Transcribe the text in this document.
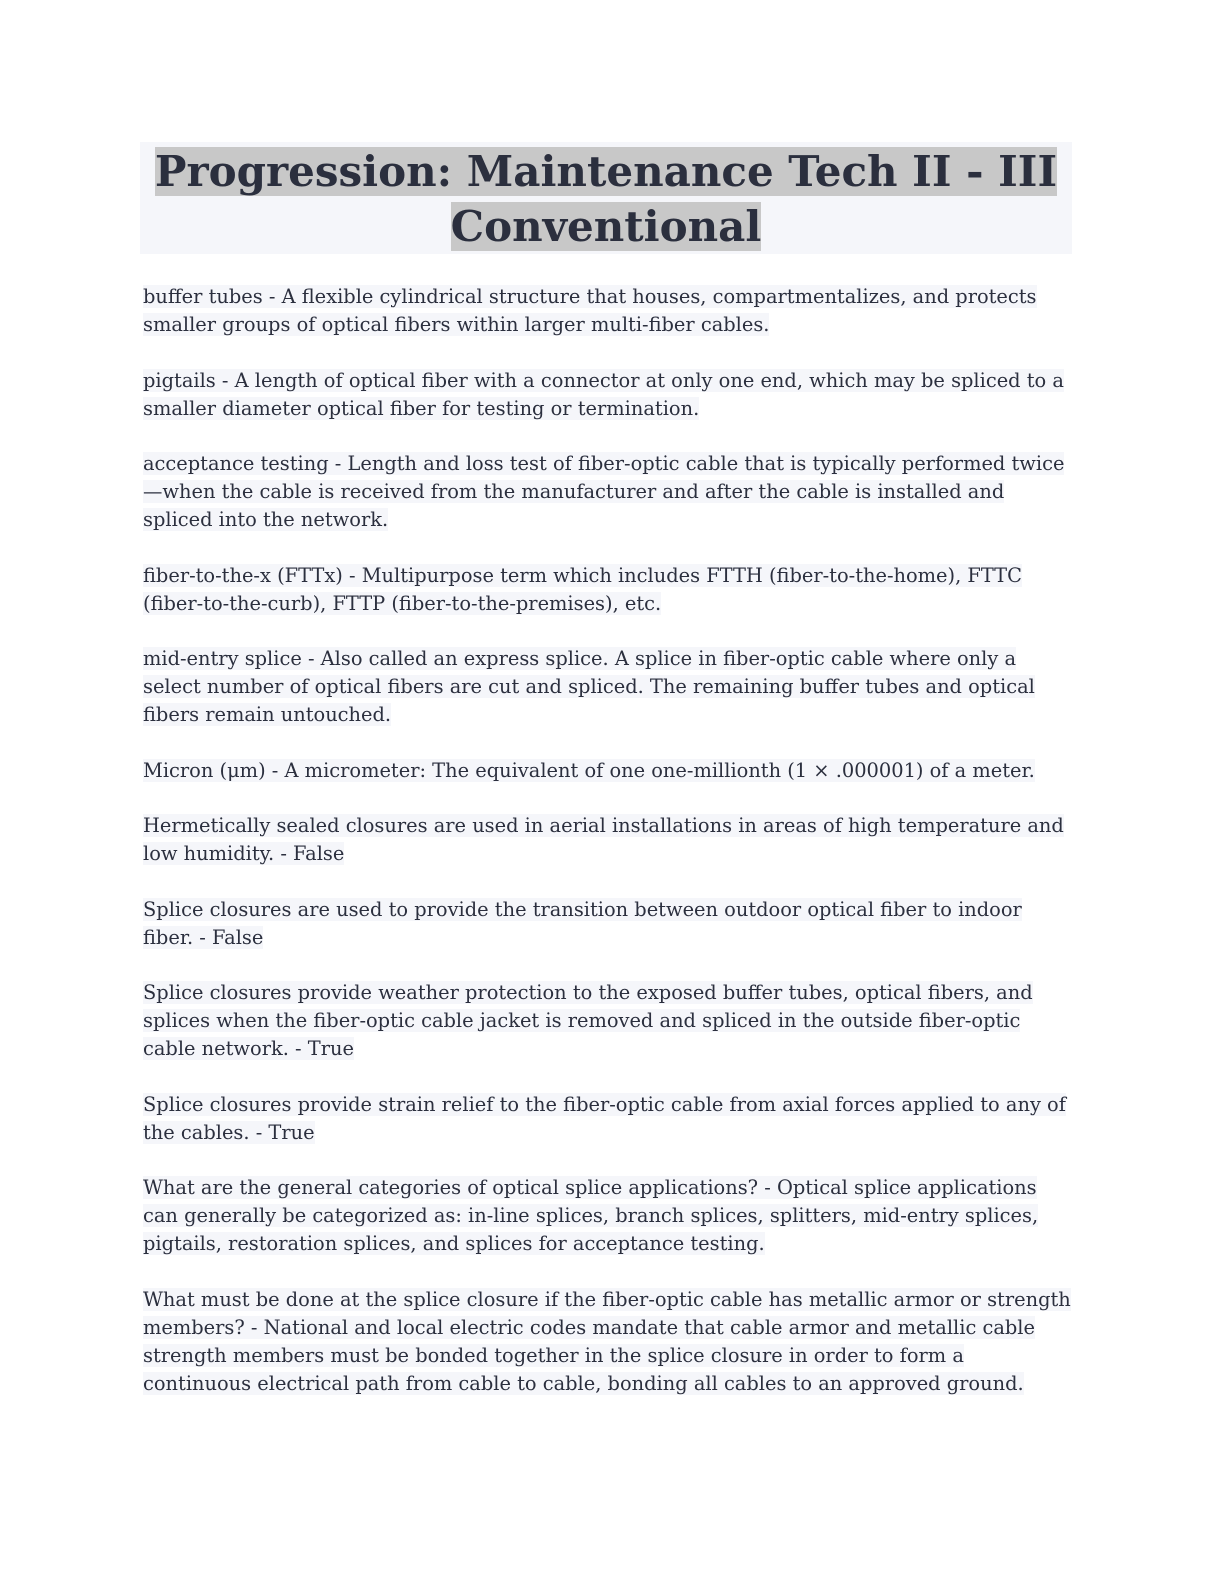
Progression: Maintenance Tech II - III Conventional

buffer tubes - A flexible cylindrical structure that houses, compartmentalizes, and protects smaller groups of optical fibers within larger multi-fiber cables.

pigtails - A length of optical fiber with a connector at only one end, which may be spliced to a smaller diameter optical fiber for testing or termination.

acceptance testing - Length and loss test of fiber-optic cable that is typically performed twice—when the cable is received from the manufacturer and after the cable is installed and spliced into the network.

fiber-to-the-x (FTTx) - Multipurpose term which includes FTTH (fiber-to-the-home), FTTC (fiber-to-the-curb), FTTP (fiber-to-the-premises), etc.

mid-entry splice - Also called an express splice. A splice in fiber-optic cable where only a select number of optical fibers are cut and spliced. The remaining buffer tubes and optical fibers remain untouched.

Micron (μm) - A micrometer: The equivalent of one one-millionth (1 × .000001) of a meter.

Hermetically sealed closures are used in aerial installations in areas of high temperature and low humidity. - False

Splice closures are used to provide the transition between outdoor optical fiber to indoor fiber. - False

Splice closures provide weather protection to the exposed buffer tubes, optical fibers, and splices when the fiber-optic cable jacket is removed and spliced in the outside fiber-optic cable network. - True

Splice closures provide strain relief to the fiber-optic cable from axial forces applied to any of the cables. - True

What are the general categories of optical splice applications? - Optical splice applications can generally be categorized as: in-line splices, branch splices, splitters, mid-entry splices, pigtails, restoration splices, and splices for acceptance testing.

What must be done at the splice closure if the fiber-optic cable has metallic armor or strength members? - National and local electric codes mandate that cable armor and metallic cable strength members must be bonded together in the splice closure in order to form a continuous electrical path from cable to cable, bonding all cables to an approved ground.
